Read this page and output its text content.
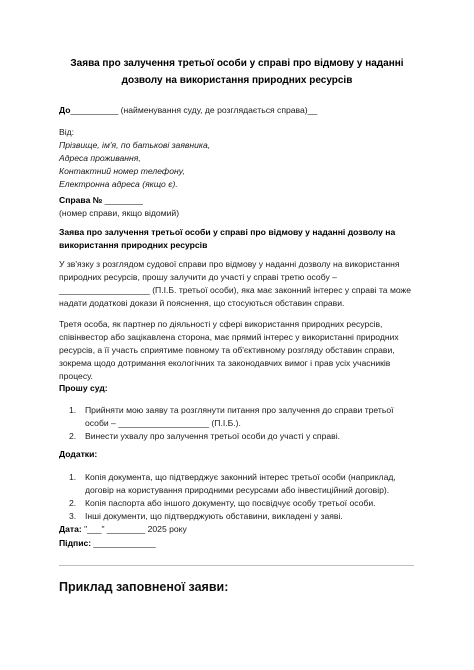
Заява про залучення третьої особи у справі про відмову у наданні
дозволу на використання природних ресурсів
До__________ (найменування суду, де розглядається справа)__
Від:
Прізвище, ім'я, по батькові заявника,
Адреса проживання,
Контактний номер телефону,
Електронна адреса (якщо є).
Справа № ________
(номер справи, якщо відомий)
Заява про залучення третьої особи у справі про відмову у наданні дозволу на
використання природних ресурсів
У зв'язку з розглядом судової справи про відмову у наданні дозволу на використання
природних ресурсів, прошу залучити до участі у справі третю особу –
___________________ (П.І.Б. третьої особи), яка має законний інтерес у справі та може
надати додаткові докази й пояснення, що стосуються обставин справи.
Третя особа, як партнер по діяльності у сфері використання природних ресурсів,
співінвестор або зацікавлена сторона, має прямий інтерес у використанні природних
ресурсів, а її участь сприятиме повному та об'єктивному розгляду обставин справи,
зокрема щодо дотримання екологічних та законодавчих вимог і прав усіх учасників
процесу.
Прошу суд:
1. Прийняти мою заяву та розглянути питання про залучення до справи третьої
особи – ___________________ (П.І.Б.).
2. Винести ухвалу про залучення третьої особи до участі у справі.
Додатки:
1. Копія документа, що підтверджує законний інтерес третьої особи (наприклад,
договір на користування природними ресурсами або інвестиційний договір).
2. Копія паспорта або іншого документу, що посвідчує особу третьої особи.
3. Інші документи, що підтверджують обставини, викладені у заяві.
Дата: "___" ________ 2025 року
Підпис: _____________
Приклад заповненої заяви:
